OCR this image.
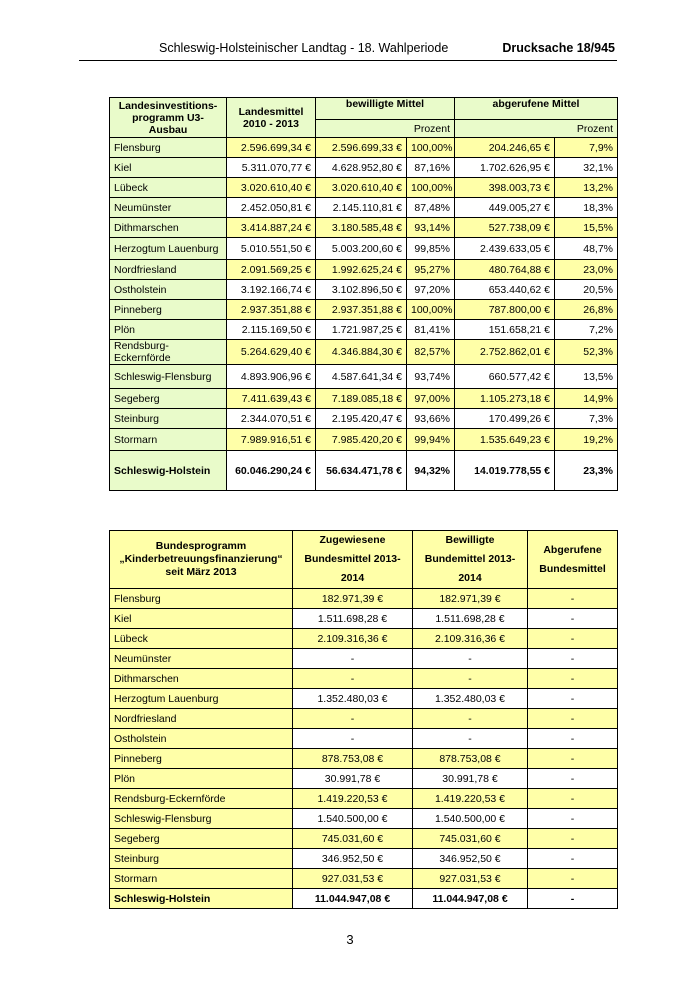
Schleswig-Holsteinischer Landtag - 18. Wahlperiode	Drucksache 18/945
Landesinvestitions-programm U3-Ausbau	Landesmittel 2010 - 2013	bewilligte Mittel		abgerufene Mittel	
			Prozent		Prozent
Flensburg	2.596.699,34 €	2.596.699,33 €	100,00%	204.246,65 €	7,9%
Kiel	5.311.070,77 €	4.628.952,80 €	87,16%	1.702.626,95 €	32,1%
Lübeck	3.020.610,40 €	3.020.610,40 €	100,00%	398.003,73 €	13,2%
Neumünster	2.452.050,81 €	2.145.110,81 €	87,48%	449.005,27 €	18,3%
Dithmarschen	3.414.887,24 €	3.180.585,48 €	93,14%	527.738,09 €	15,5%
Herzogtum Lauenburg	5.010.551,50 €	5.003.200,60 €	99,85%	2.439.633,05 €	48,7%
Nordfriesland	2.091.569,25 €	1.992.625,24 €	95,27%	480.764,88 €	23,0%
Ostholstein	3.192.166,74 €	3.102.896,50 €	97,20%	653.440,62 €	20,5%
Pinneberg	2.937.351,88 €	2.937.351,88 €	100,00%	787.800,00 €	26,8%
Plön	2.115.169,50 €	1.721.987,25 €	81,41%	151.658,21 €	7,2%
Rendsburg-Eckernförde	5.264.629,40 €	4.346.884,30 €	82,57%	2.752.862,01 €	52,3%
Schleswig-Flensburg	4.893.906,96 €	4.587.641,34 €	93,74%	660.577,42 €	13,5%
Segeberg	7.411.639,43 €	7.189.085,18 €	97,00%	1.105.273,18 €	14,9%
Steinburg	2.344.070,51 €	2.195.420,47 €	93,66%	170.499,26 €	7,3%
Stormarn	7.989.916,51 €	7.985.420,20 €	99,94%	1.535.649,23 €	19,2%
Schleswig-Holstein	60.046.290,24 €	56.634.471,78 €	94,32%	14.019.778,55 €	23,3%
Bundesprogramm „Kinderbetreuungsfinanzierung“ seit März 2013	Zugewiesene Bundesmittel 2013-2014	Bewilligte Bundemittel 2013-2014	Abgerufene Bundesmittel
Flensburg	182.971,39 €	182.971,39 €	-
Kiel	1.511.698,28 €	1.511.698,28 €	-
Lübeck	2.109.316,36 €	2.109.316,36 €	-
Neumünster	-	-	-
Dithmarschen	-	-	-
Herzogtum Lauenburg	1.352.480,03 €	1.352.480,03 €	-
Nordfriesland	-	-	-
Ostholstein	-	-	-
Pinneberg	878.753,08 €	878.753,08 €	-
Plön	30.991,78 €	30.991,78 €	-
Rendsburg-Eckernförde	1.419.220,53 €	1.419.220,53 €	-
Schleswig-Flensburg	1.540.500,00 €	1.540.500,00 €	-
Segeberg	745.031,60 €	745.031,60 €	-
Steinburg	346.952,50 €	346.952,50 €	-
Stormarn	927.031,53 €	927.031,53 €	-
Schleswig-Holstein	11.044.947,08 €	11.044.947,08 €	-
3
